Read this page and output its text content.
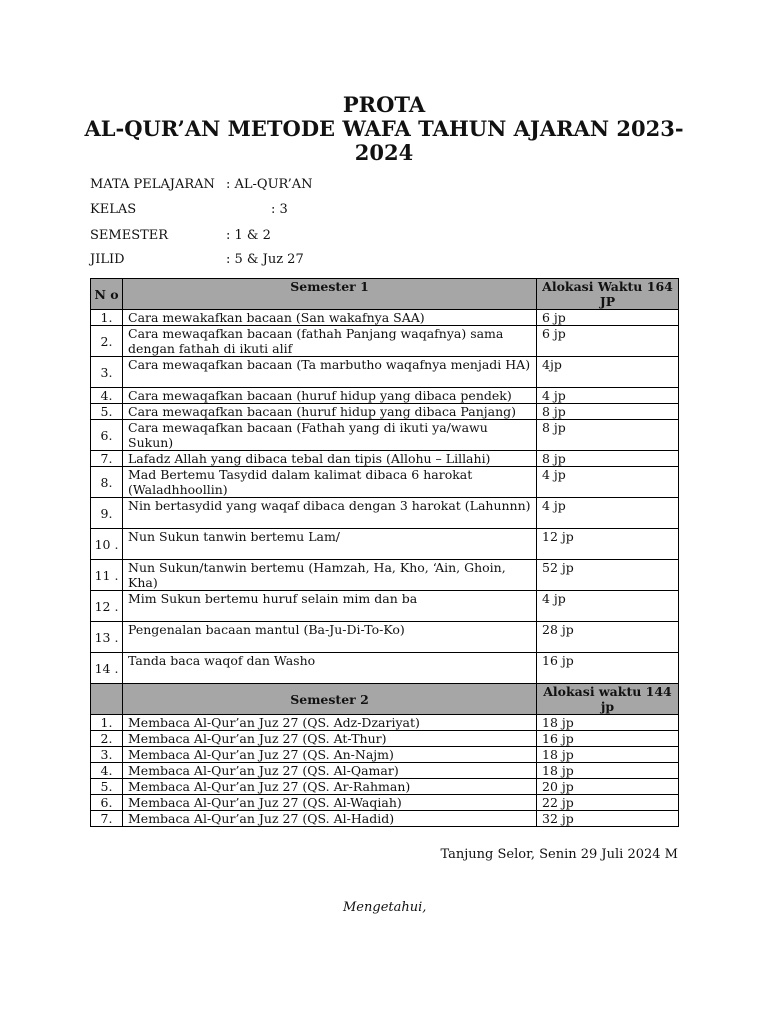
PROTA
AL-QUR’AN METODE WAFA TAHUN AJARAN 2023-
2024
MATA PELAJARAN : AL-QUR’AN
KELAS	: 3
SEMESTER	: 1 & 2
JILID	: 5 & Juz 27
N o	Semester 1	Alokasi Waktu 164 JP
1.	Cara mewakafkan bacaan (San wakafnya SAA)	6 jp
2.	Cara mewaqafkan bacaan (fathah Panjang waqafnya) sama dengan fathah di ikuti alif	6 jp
3.	Cara mewaqafkan bacaan (Ta marbutho waqafnya menjadi HA)	4jp
4.	Cara mewaqafkan bacaan (huruf hidup yang dibaca pendek)	4 jp
5.	Cara mewaqafkan bacaan (huruf hidup yang dibaca Panjang)	8 jp
6.	Cara mewaqafkan bacaan (Fathah yang di ikuti ya/wawu Sukun)	8 jp
7.	Lafadz Allah yang dibaca tebal dan tipis (Allohu – Lillahi)	8 jp
8.	Mad Bertemu Tasydid dalam kalimat dibaca 6 harokat (Waladhhoollin)	4 jp
9.	Nin bertasydid yang waqaf dibaca dengan 3 harokat (Lahunnn)	4 jp
10 .	Nun Sukun tanwin bertemu Lam/	12 jp
11 .	Nun Sukun/tanwin bertemu (Hamzah, Ha, Kho, ‘Ain, Ghoin, Kha)	52 jp
12 .	Mim Sukun bertemu huruf selain mim dan ba	4 jp
13 .	Pengenalan bacaan mantul (Ba-Ju-Di-To-Ko)	28 jp
14 .	Tanda baca waqof dan Washo	16 jp
	Semester 2	Alokasi waktu 144 jp
1.	Membaca Al-Qur’an Juz 27 (QS. Adz-Dzariyat)	18 jp
2.	Membaca Al-Qur’an Juz 27 (QS. At-Thur)	16 jp
3.	Membaca Al-Qur’an Juz 27 (QS. An-Najm)	18 jp
4.	Membaca Al-Qur’an Juz 27 (QS. Al-Qamar)	18 jp
5.	Membaca Al-Qur’an Juz 27 (QS. Ar-Rahman)	20 jp
6.	Membaca Al-Qur’an Juz 27 (QS. Al-Waqiah)	22 jp
7.	Membaca Al-Qur’an Juz 27 (QS. Al-Hadid)	32 jp
Tanjung Selor, Senin 29 Juli 2024 M
Mengetahui,
